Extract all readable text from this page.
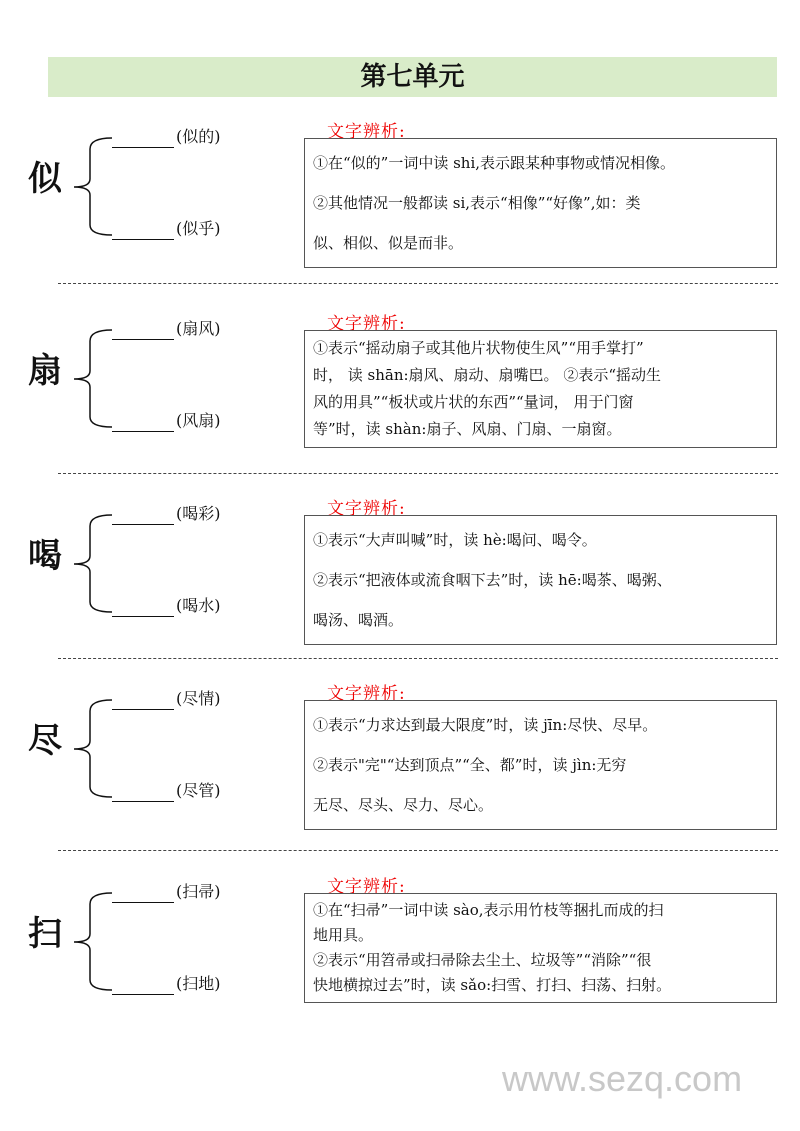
第七单元
似
(似的)
(似乎)
文字辨析:
①在“似的”一词中读 shi,表示跟某种事物或情况相像。
②其他情况一般都读 si,表示“相像”“好像”,如：类
似、相似、似是而非。
扇
(扇风)
(风扇)
文字辨析:
①表示“摇动扇子或其他片状物使生风”“用手掌打”
时， 读 shān:扇风、扇动、扇嘴巴。 ②表示“摇动生
风的用具”“板状或片状的东西”“量词， 用于门窗
等”时，读 shàn:扇子、风扇、门扇、一扇窗。
喝
(喝彩)
(喝水)
文字辨析:
①表示“大声叫喊”时，读 hè:喝问、喝令。
②表示“把液体或流食咽下去”时，读 hē:喝茶、喝粥、
喝汤、喝酒。
尽
(尽情)
(尽管)
文字辨析:
①表示“力求达到最大限度”时，读 jīn:尽快、尽早。
②表示"完"“达到顶点”“全、都”时，读 jìn:无穷
无尽、尽头、尽力、尽心。
扫
(扫帚)
(扫地)
文字辨析:
①在“扫帚”一词中读 sào,表示用竹枝等捆扎而成的扫
地用具。
②表示“用笤帚或扫帚除去尘土、垃圾等”“消除”“很
快地横掠过去”时，读 sǎo:扫雪、打扫、扫荡、扫射。
www.sezq.com
